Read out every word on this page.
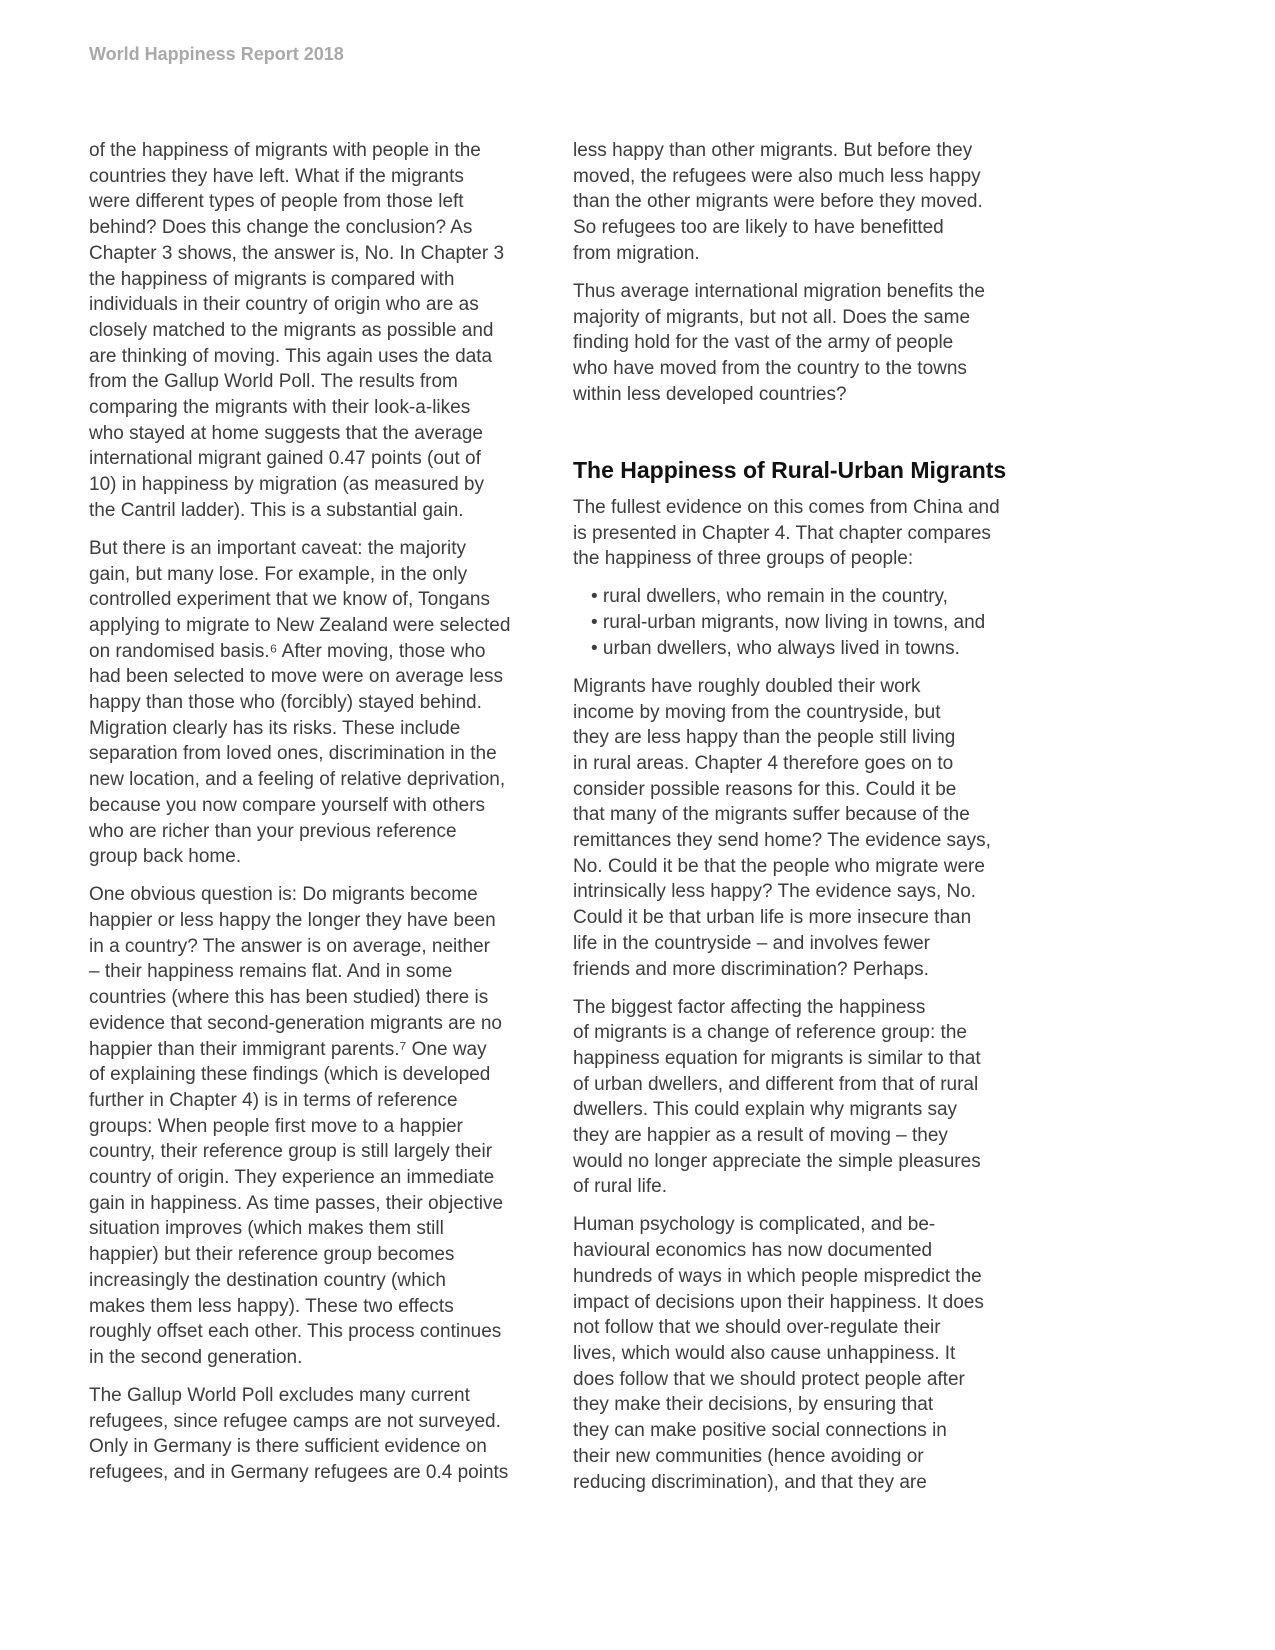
World Happiness Report 2018
of the happiness of migrants with people in the
countries they have left. What if the migrants
were different types of people from those left
behind? Does this change the conclusion? As
Chapter 3 shows, the answer is, No. In Chapter 3
the happiness of migrants is compared with
individuals in their country of origin who are as
closely matched to the migrants as possible and
are thinking of moving. This again uses the data
from the Gallup World Poll. The results from
comparing the migrants with their look-a-likes
who stayed at home suggests that the average
international migrant gained 0.47 points (out of
10) in happiness by migration (as measured by
the Cantril ladder). This is a substantial gain.
But there is an important caveat: the majority
gain, but many lose. For example, in the only
controlled experiment that we know of, Tongans
applying to migrate to New Zealand were selected
on randomised basis.⁶ After moving, those who
had been selected to move were on average less
happy than those who (forcibly) stayed behind.
Migration clearly has its risks. These include
separation from loved ones, discrimination in the
new location, and a feeling of relative deprivation,
because you now compare yourself with others
who are richer than your previous reference
group back home.
One obvious question is: Do migrants become
happier or less happy the longer they have been
in a country? The answer is on average, neither
– their happiness remains flat. And in some
countries (where this has been studied) there is
evidence that second-generation migrants are no
happier than their immigrant parents.⁷ One way
of explaining these findings (which is developed
further in Chapter 4) is in terms of reference
groups: When people first move to a happier
country, their reference group is still largely their
country of origin. They experience an immediate
gain in happiness. As time passes, their objective
situation improves (which makes them still
happier) but their reference group becomes
increasingly the destination country (which
makes them less happy). These two effects
roughly offset each other. This process continues
in the second generation.
The Gallup World Poll excludes many current
refugees, since refugee camps are not surveyed.
Only in Germany is there sufficient evidence on
refugees, and in Germany refugees are 0.4 points
less happy than other migrants. But before they
moved, the refugees were also much less happy
than the other migrants were before they moved.
So refugees too are likely to have benefitted
from migration.
Thus average international migration benefits the
majority of migrants, but not all. Does the same
finding hold for the vast of the army of people
who have moved from the country to the towns
within less developed countries?
The Happiness of Rural-Urban Migrants
The fullest evidence on this comes from China and
is presented in Chapter 4. That chapter compares
the happiness of three groups of people:
• rural dwellers, who remain in the country,
• rural-urban migrants, now living in towns, and
• urban dwellers, who always lived in towns.
Migrants have roughly doubled their work
income by moving from the countryside, but
they are less happy than the people still living
in rural areas. Chapter 4 therefore goes on to
consider possible reasons for this. Could it be
that many of the migrants suffer because of the
remittances they send home? The evidence says,
No. Could it be that the people who migrate were
intrinsically less happy? The evidence says, No.
Could it be that urban life is more insecure than
life in the countryside – and involves fewer
friends and more discrimination? Perhaps.
The biggest factor affecting the happiness
of migrants is a change of reference group: the
happiness equation for migrants is similar to that
of urban dwellers, and different from that of rural
dwellers. This could explain why migrants say
they are happier as a result of moving – they
would no longer appreciate the simple pleasures
of rural life.
Human psychology is complicated, and be-
havioural economics has now documented
hundreds of ways in which people mispredict the
impact of decisions upon their happiness. It does
not follow that we should over-regulate their
lives, which would also cause unhappiness. It
does follow that we should protect people after
they make their decisions, by ensuring that
they can make positive social connections in
their new communities (hence avoiding or
reducing discrimination), and that they are
